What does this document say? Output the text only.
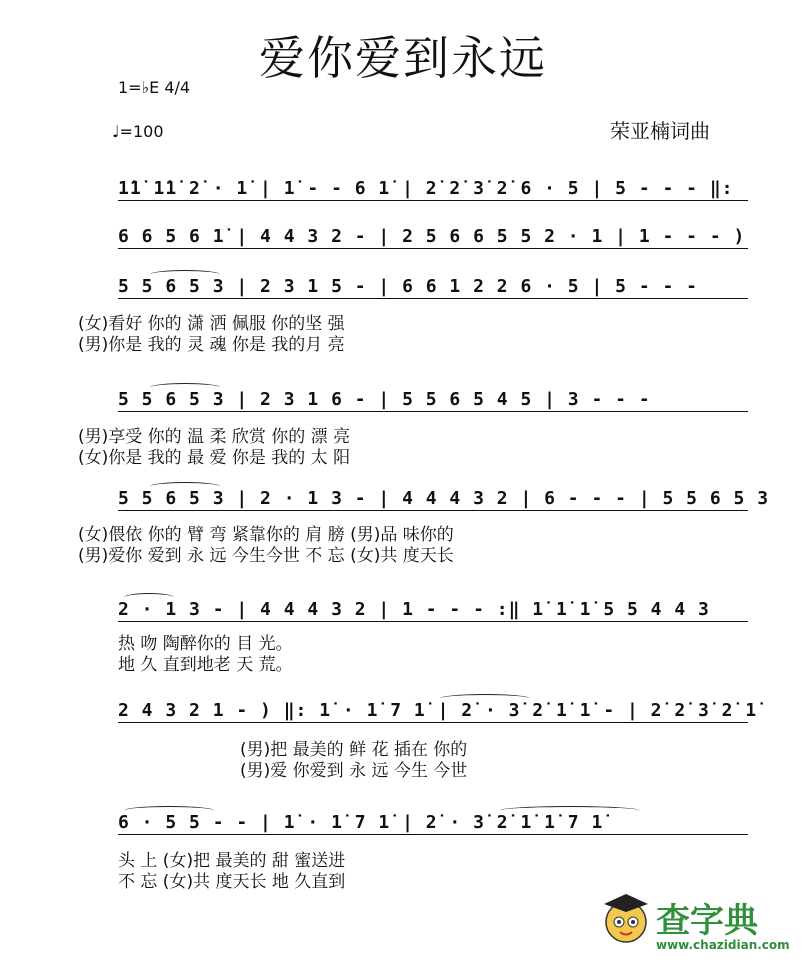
爱你爱到永远
1=♭E 4/4
♩=100	荣亚楠词曲
1̇1̇ 1̇1̇ 2̇ · 1̇ | 1̇ - - 6 1̇ | 2̇ 2̇ 3̇ 2̇ 6 · 5 | 5 - - - ‖:
6 6 5 6 1̇ | 4 4 3 2 - | 2 5 6 6 5 5 2 · 1 | 1 - - - )
5 5 6 5 3 | 2 3 1 5 - | 6 6 1 2 2 6 · 5 | 5 - - -
(女)看好 你的 潇 洒 佩服 你的坚 强
(男)你是 我的 灵 魂 你是 我的月 亮
5 5 6 5 3 | 2 3 1 6 - | 5 5 6 5 4 5 | 3 - - -
(男)享受 你的 温 柔 欣赏 你的 漂 亮
(女)你是 我的 最 爱 你是 我的 太 阳
5 5 6 5 3 | 2 · 1 3 - | 4 4 4 3 2 | 6 - - - | 5 5 6 5 3
(女)偎依 你的 臂 弯 紧靠你的 肩 膀 (男)品 味你的
(男)爱你 爱到 永 远 今生今世 不 忘 (女)共 度天长
2 · 1 3 - | 4 4 4 3 2 | 1 - - - :‖ 1̇ 1̇ 1̇ 5 5 4 4 3
热 吻 陶醉你的 目 光。
地 久 直到地老 天 荒。
2 4 3 2 1 - ) ‖: 1̇ · 1̇ 7 1̇ | 2̇ · 3̇ 2̇ 1̇ 1̇ - | 2̇ 2̇ 3̇ 2̇ 1̇
(男)把 最美的 鲜 花 插在 你的
(男)爱 你爱到 永 远 今生 今世
6 · 5 5 - - | 1̇ · 1̇ 7 1̇ | 2̇ · 3̇ 2̇ 1̇ 1̇ 7 1̇
头 上 (女)把 最美的 甜 蜜送进
不 忘 (女)共 度天长 地 久直到
查字典
www.chazidian.com
